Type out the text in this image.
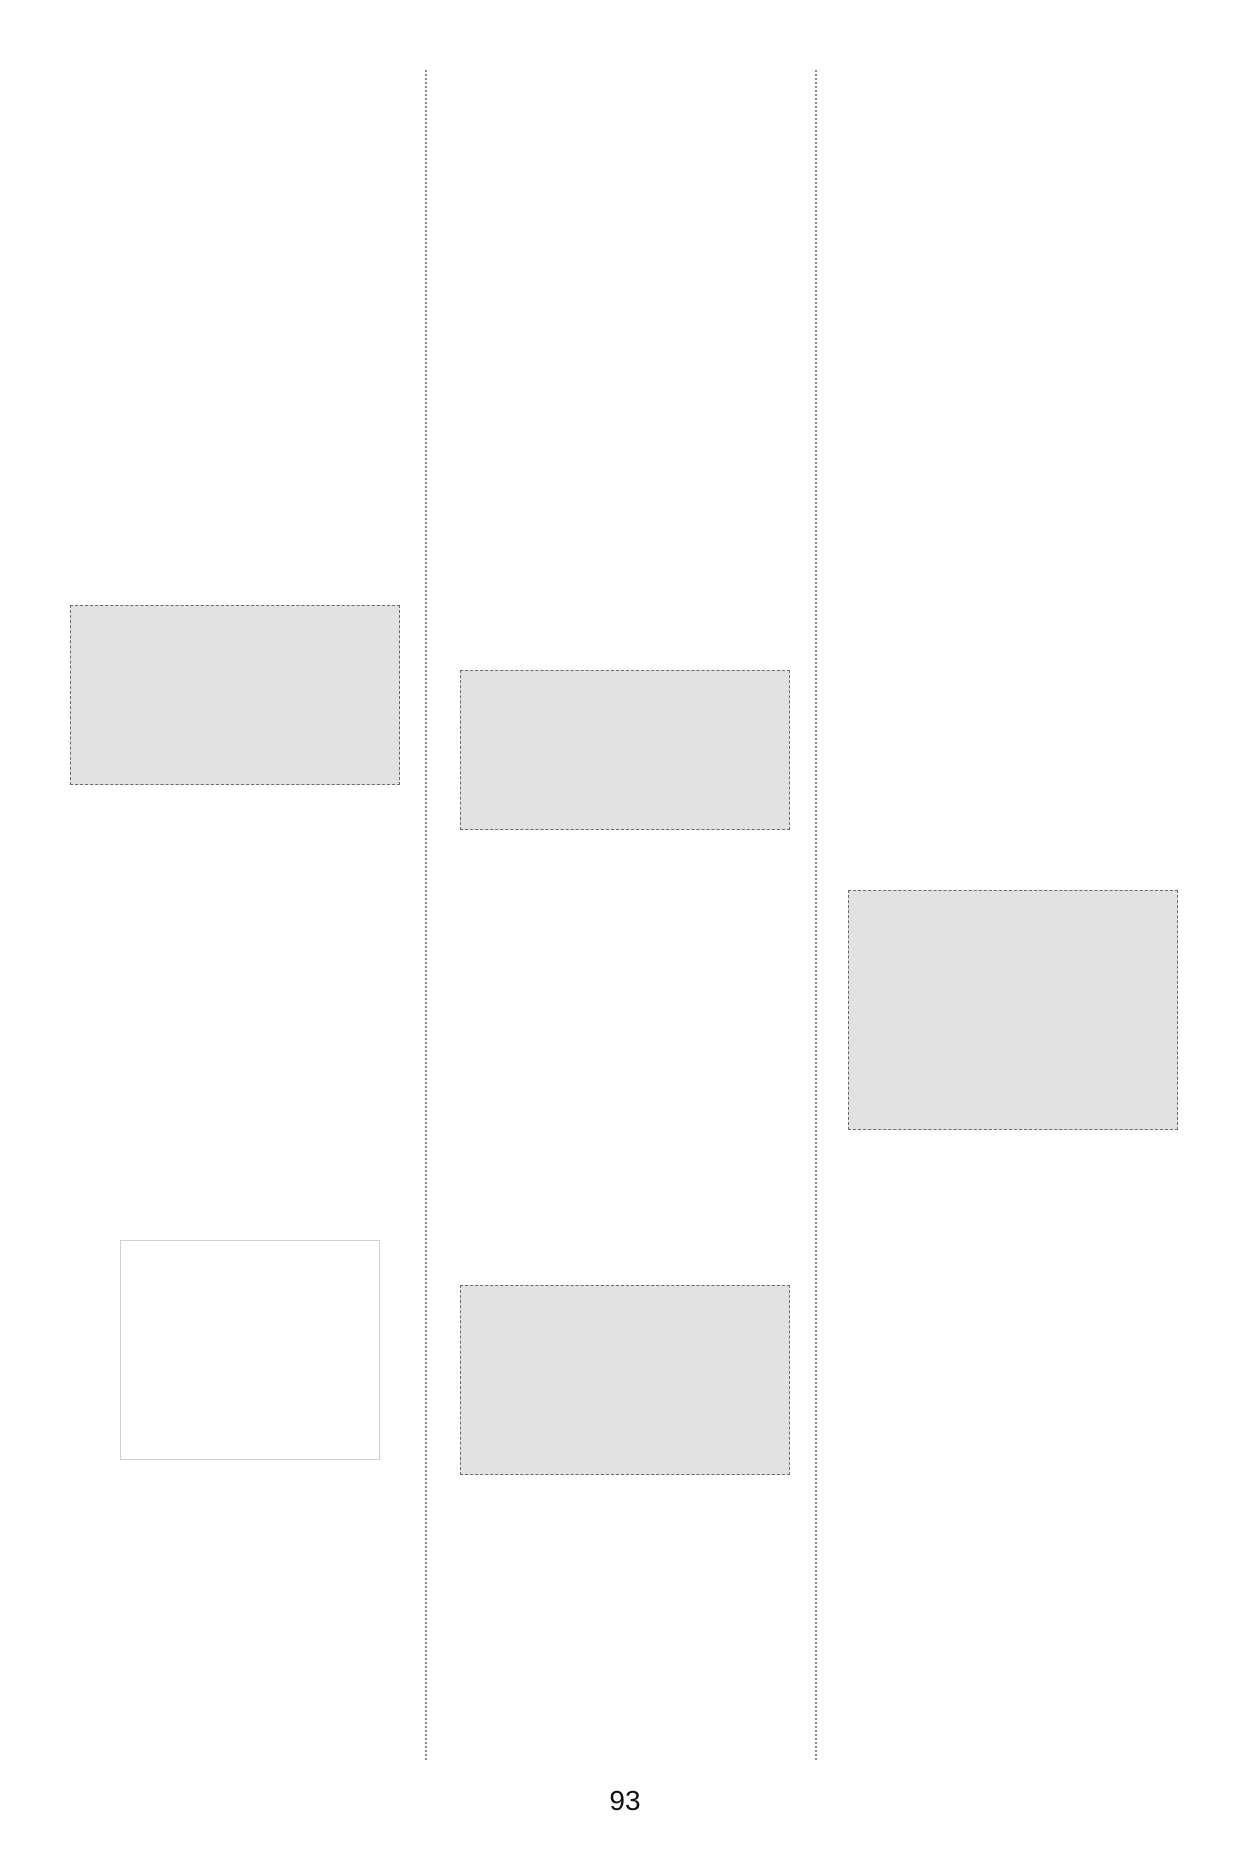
93
